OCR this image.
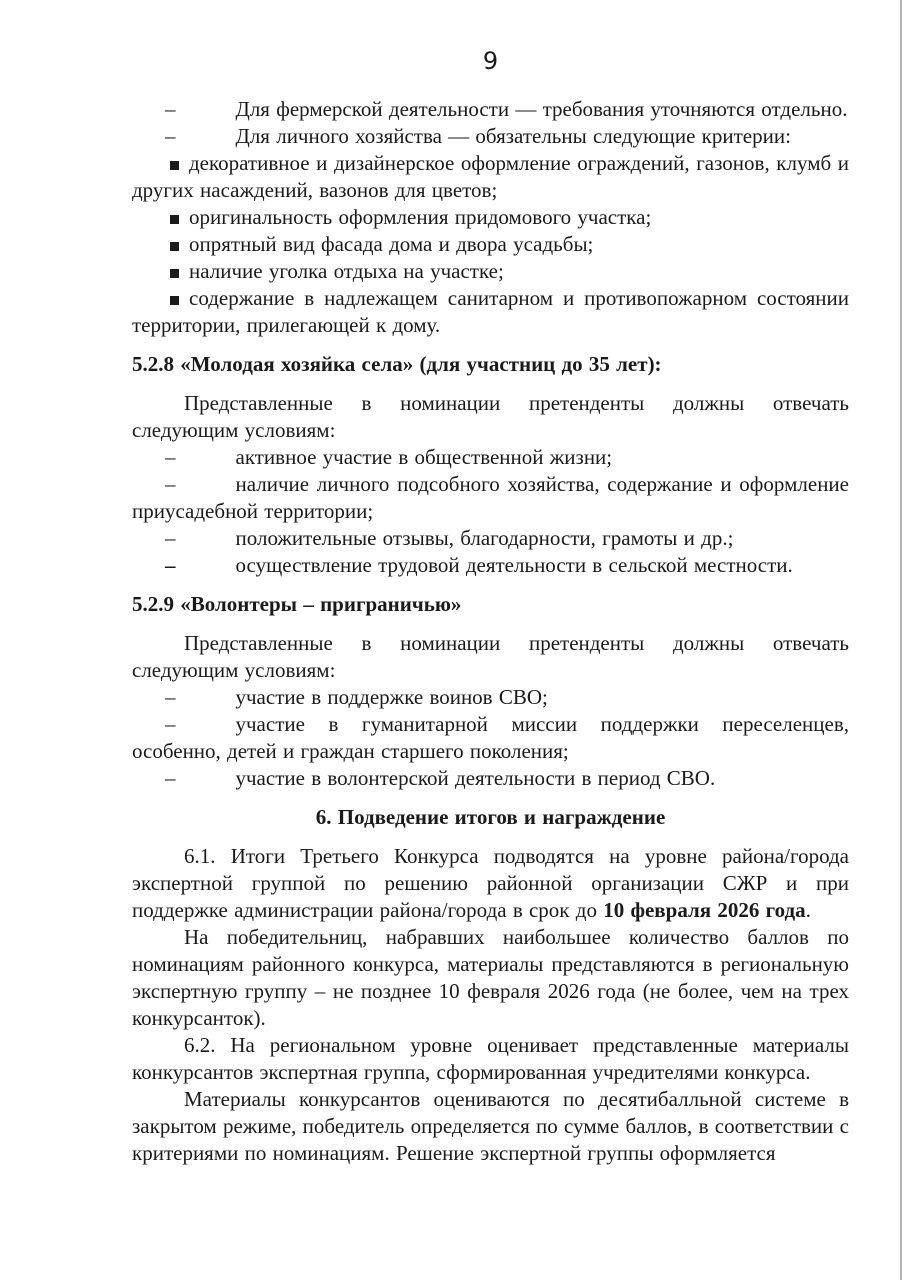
9

–	Для фермерской деятельности — требования уточняются отдельно.

–	Для личного хозяйства — обязательны следующие критерии:

декоративное и дизайнерское оформление ограждений, газонов, клумб и других насаждений, вазонов для цветов;

оригинальность оформления придомового участка;

опрятный вид фасада дома и двора усадьбы;

наличие уголка отдыха на участке;

содержание в надлежащем санитарном и противопожарном состоянии территории, прилегающей к дому.

5.2.8 «Молодая хозяйка села» (для участниц до 35 лет):

Представленные в номинации претенденты должны отвечать следующим условиям:

–	активное участие в общественной жизни;

–	наличие личного подсобного хозяйства, содержание и оформление приусадебной территории;

–	положительные отзывы, благодарности, грамоты и др.;

–	осуществление трудовой деятельности в сельской местности.

5.2.9 «Волонтеры – приграничью»

Представленные в номинации претенденты должны отвечать следующим условиям:

–	участие в поддержке воинов СВО;

–	участие в гуманитарной миссии поддержки переселенцев, особенно, детей и граждан старшего поколения;

–	участие в волонтерской деятельности в период СВО.

6. Подведение итогов и награждение

6.1. Итоги Третьего Конкурса подводятся на уровне района/города экспертной группой по решению районной организации СЖР и при поддержке администрации района/города в срок до 10 февраля 2026 года.

На победительниц, набравших наибольшее количество баллов по номинациям районного конкурса, материалы представляются в региональную экспертную группу – не позднее 10 февраля 2026 года (не более, чем на трех конкурсанток).

6.2. На региональном уровне оценивает представленные материалы конкурсантов экспертная группа, сформированная учредителями конкурса.

Материалы конкурсантов оцениваются по десятибалльной системе в закрытом режиме, победитель определяется по сумме баллов, в соответствии с критериями по номинациям. Решение экспертной группы оформляется
